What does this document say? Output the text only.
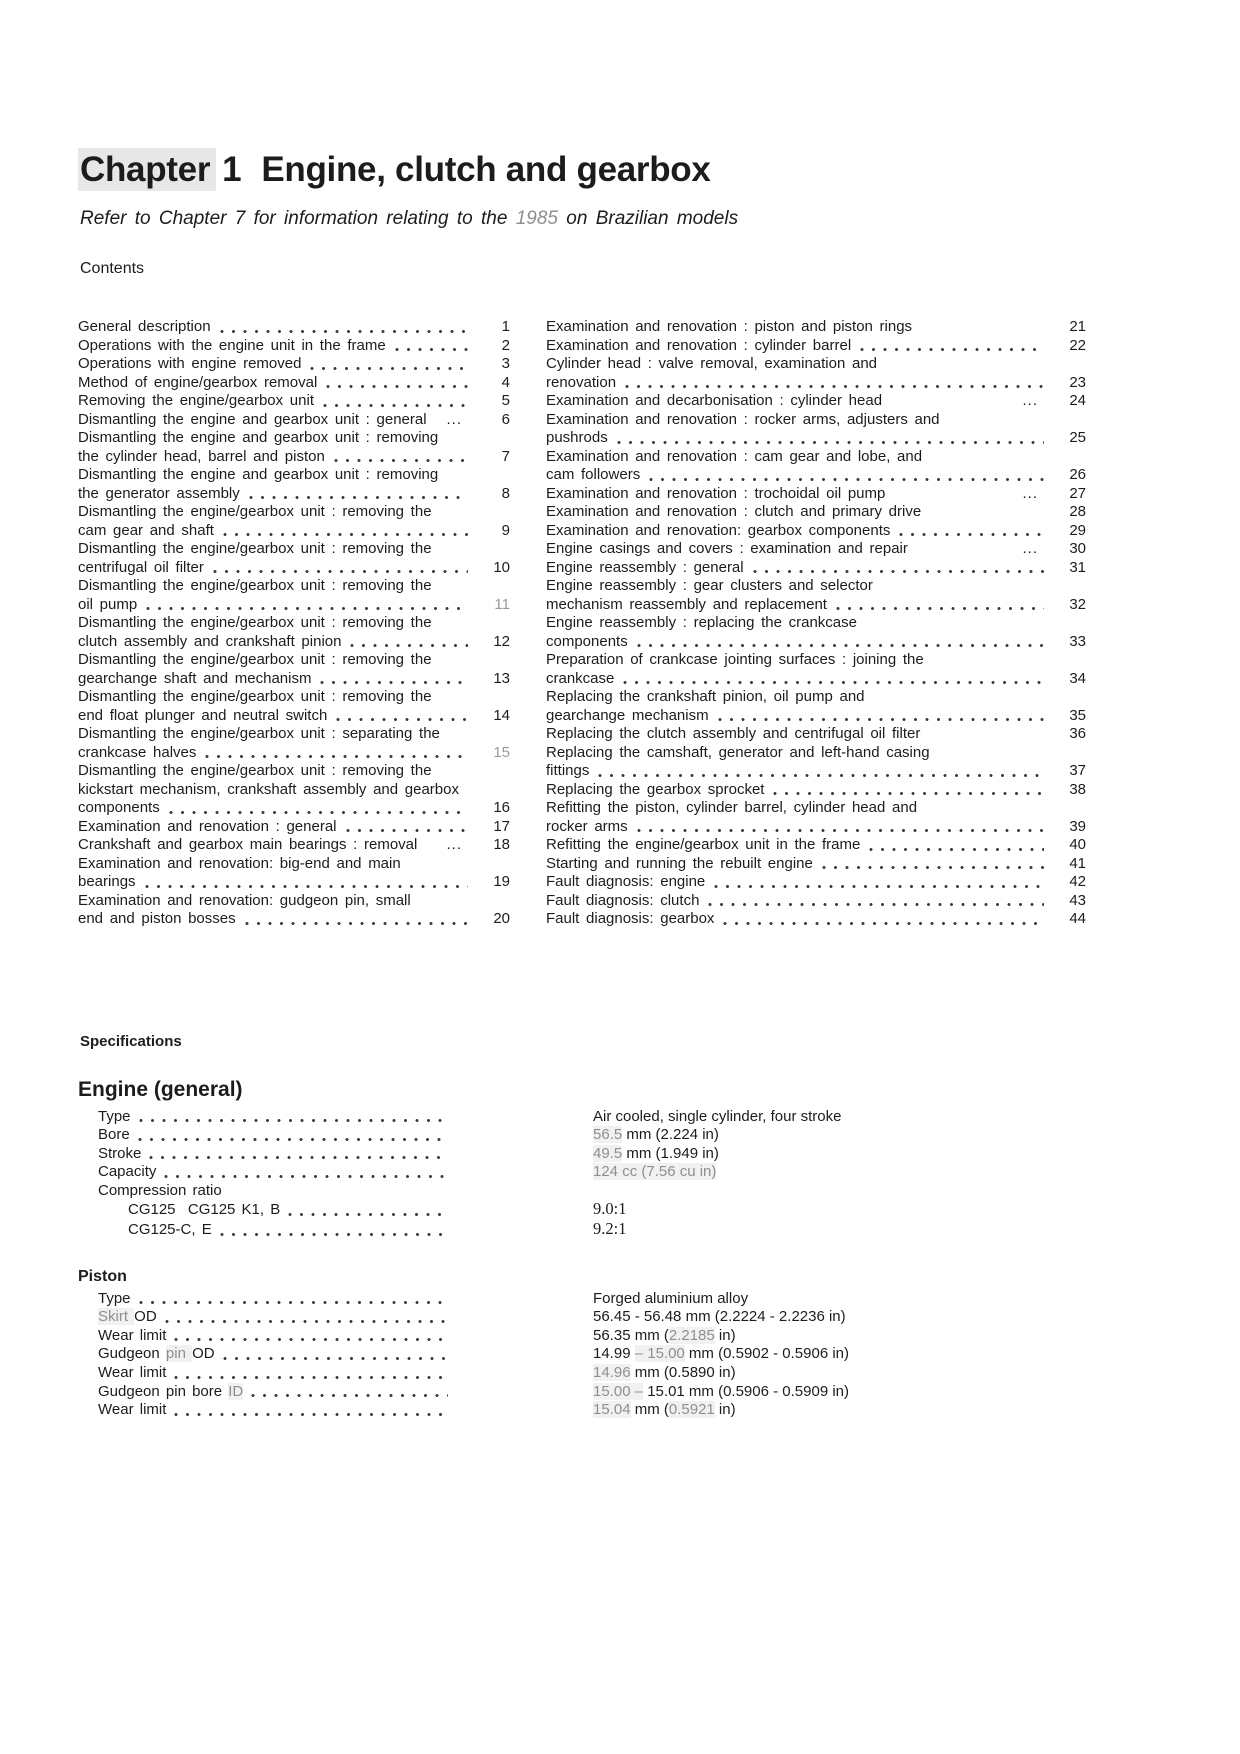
Chapter 1 Engine, clutch and gearbox

Refer to Chapter 7 for information relating to the 1985 on Brazilian models

Contents
General description	1
Operations with the engine unit in the frame	2
Operations with engine removed	3
Method of engine/gearbox removal	4
Removing the engine/gearbox unit	5
Dismantling the engine and gearbox unit : general ...	6
Dismantling the engine and gearbox unit : removing
the cylinder head, barrel and piston	7
Dismantling the engine and gearbox unit : removing
the generator assembly	8
Dismantling the engine/gearbox unit : removing the
cam gear and shaft	9
Dismantling the engine/gearbox unit : removing the
centrifugal oil filter	10
Dismantling the engine/gearbox unit : removing the
oil pump	11
Dismantling the engine/gearbox unit : removing the
clutch assembly and crankshaft pinion	12
Dismantling the engine/gearbox unit : removing the
gearchange shaft and mechanism	13
Dismantling the engine/gearbox unit : removing the
end float plunger and neutral switch	14
Dismantling the engine/gearbox unit : separating the
crankcase halves	15
Dismantling the engine/gearbox unit : removing the
kickstart mechanism, crankshaft assembly and gearbox
components	16
Examination and renovation : general	17
Crankshaft and gearbox main bearings : removal ...	18
Examination and renovation: big-end and main
bearings	19
Examination and renovation: gudgeon pin, small
end and piston bosses	20
Examination and renovation : piston and piston rings	21
Examination and renovation : cylinder barrel	22
Cylinder head : valve removal, examination and
renovation	23
Examination and decarbonisation : cylinder head	...	24
Examination and renovation : rocker arms, adjusters and
pushrods	25
Examination and renovation : cam gear and lobe, and
cam followers	26
Examination and renovation : trochoidal oil pump	...	27
Examination and renovation : clutch and primary drive	28
Examination and renovation: gearbox components	29
Engine casings and covers : examination and repair	...	30
Engine reassembly : general	31
Engine reassembly : gear clusters and selector
mechanism reassembly and replacement	32
Engine reassembly : replacing the crankcase
components	33
Preparation of crankcase jointing surfaces : joining the
crankcase	34
Replacing the crankshaft pinion, oil pump and
gearchange mechanism	35
Replacing the clutch assembly and centrifugal oil filter	36
Replacing the camshaft, generator and left-hand casing
fittings	37
Replacing the gearbox sprocket	38
Refitting the piston, cylinder barrel, cylinder head and
rocker arms	39
Refitting the engine/gearbox unit in the frame	40
Starting and running the rebuilt engine	41
Fault diagnosis: engine	42
Fault diagnosis: clutch	43
Fault diagnosis: gearbox	44
Specifications
Engine (general)
Type	Air cooled, single cylinder, four stroke
Bore	56.5 mm (2.224 in)
Stroke	49.5 mm (1.949 in)
Capacity	124 cc (7.56 cu in)
Compression ratio
CG125  CG125 K1, B	9.0:1
CG125-C, E	9.2:1
Piston
Type	Forged aluminium alloy
Skirt OD	56.45 - 56.48 mm (2.2224 - 2.2236 in)
Wear limit	56.35 mm (2.2185 in)
Gudgeon pin OD	14.99 – 15.00 mm (0.5902 - 0.5906 in)
Wear limit	14.96 mm (0.5890 in)
Gudgeon pin bore ID	15.00 – 15.01 mm (0.5906 - 0.5909 in)
Wear limit	15.04 mm (0.5921 in)
